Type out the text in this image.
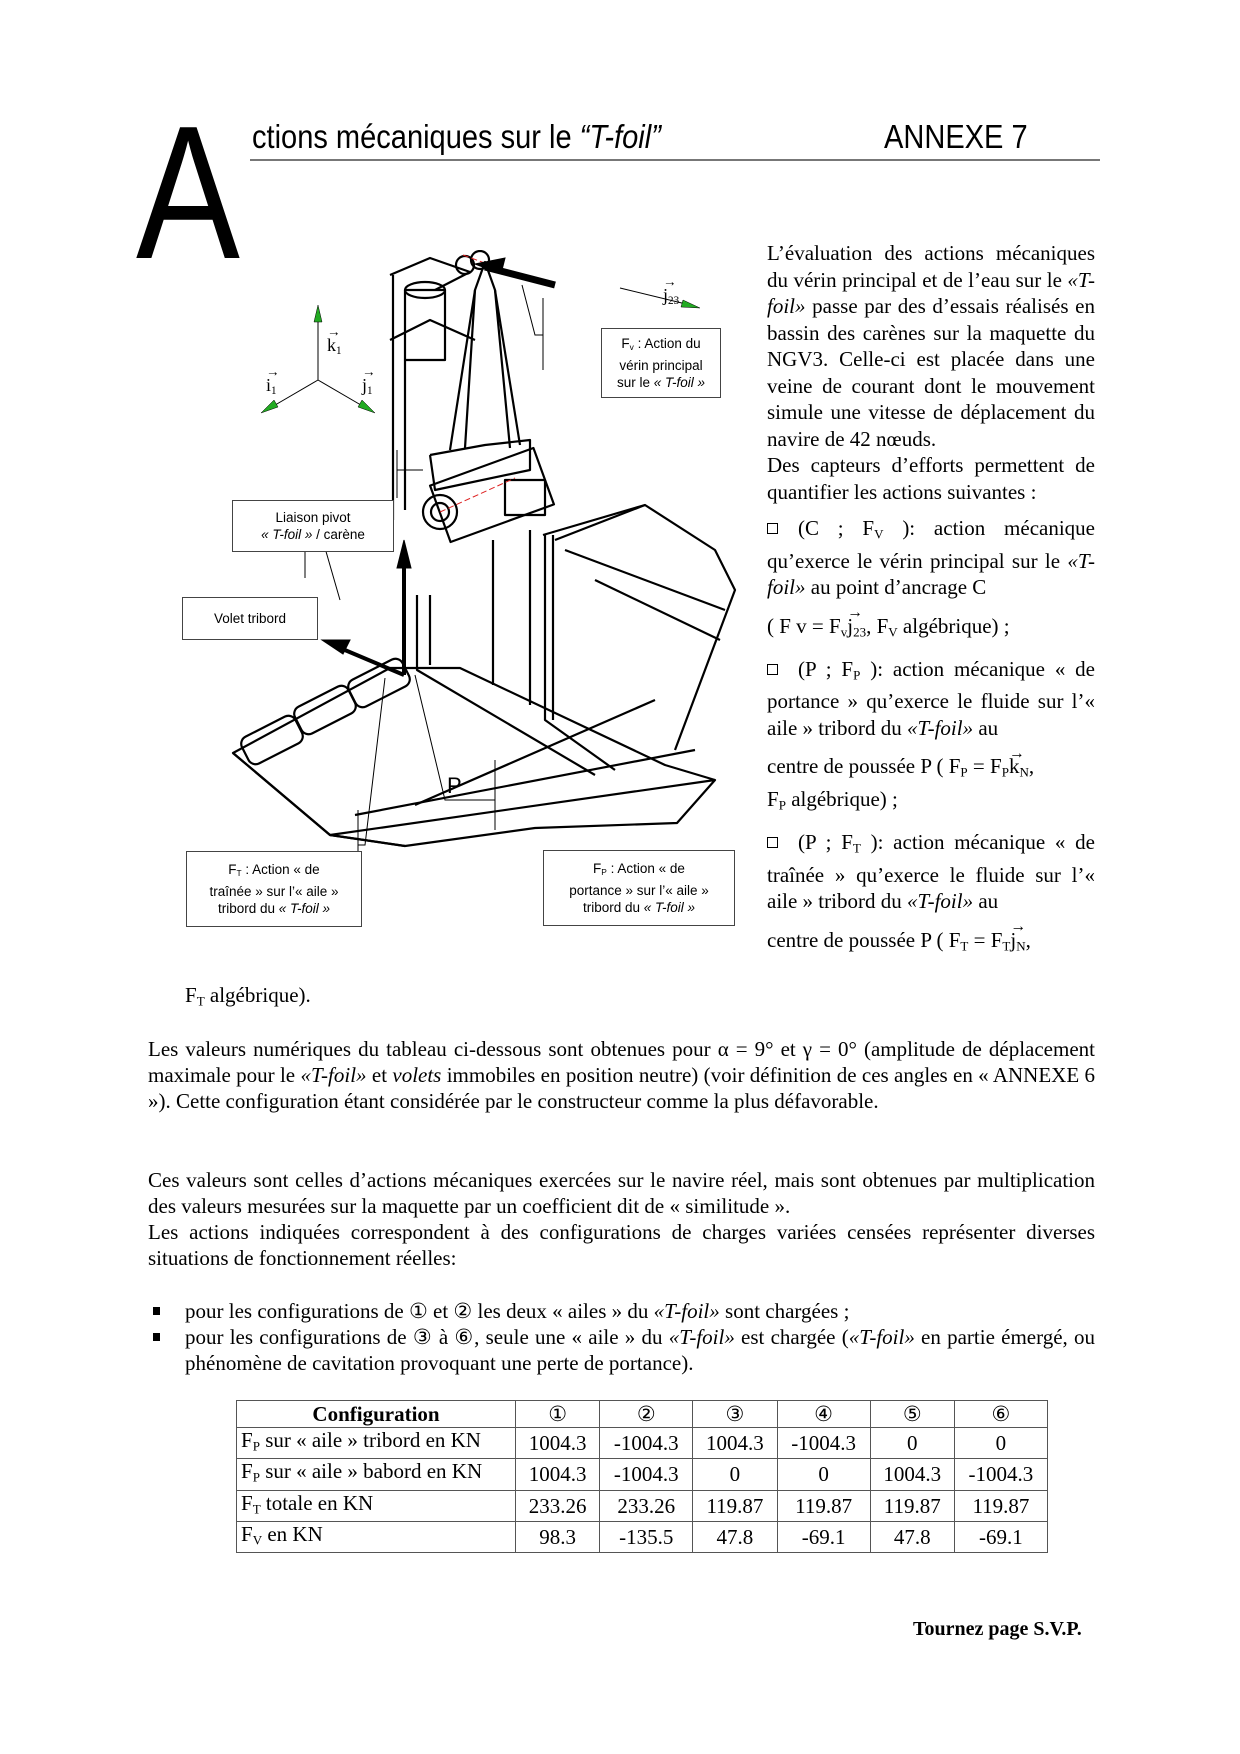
A ctions mécaniques sur le “T-foil”	ANNEXE 7
→ $k_1$
→ $i_1$	→ $j_1$
→ $j_{23}$
P
$F_v$ : Action du
vérin principal
sur le « T-foil »
Liaison pivot
« T-foil » / carène
Volet tribord
$F_T$ : Action « de
traînée » sur l’« aile »
tribord du « T-foil »
$F_P$ : Action « de
portance » sur l’« aile »
tribord du « T-foil »

L’évaluation des actions mécaniques du vérin principal et de l’eau sur le «T-foil» passe par des d’essais réalisés en bassin des carènes sur la maquette du NGV3. Celle-ci est placée dans une veine de courant dont le mouvement simule une vitesse de déplacement du navire de 42 nœuds.

Des capteurs d’efforts permettent de quantifier les actions suivantes :

(C ; $F_V$ ): action mécanique qu’exerce le vérin principal sur le «T-foil» au point d’ancrage C

( F $v = F_v\to j_{23}$, $F_V$ algébrique) ;

(P ; $F_P$ ): action mécanique « de portance » qu’exerce le fluide sur l’« aile » tribord du «T-foil» au

centre de poussée P ( $F_P = F_P\to k_N$,
$F_P$ algébrique) ;

(P ; $F_T$ ): action mécanique « de traînée » qu’exerce le fluide sur l’« aile » tribord du «T-foil» au

centre de poussée P ( $F_T = F_T\to j_N$,

$F_T$ algébrique).

Les valeurs numériques du tableau ci-dessous sont obtenues pour α = 9° et γ = 0° (amplitude de déplacement maximale pour le «T-foil» et volets immobiles en position neutre) (voir définition de ces angles en « ANNEXE 6 »). Cette configuration étant considérée par le constructeur comme la plus défavorable.

Ces valeurs sont celles d’actions mécaniques exercées sur le navire réel, mais sont obtenues par multiplication des valeurs mesurées sur la maquette par un coefficient dit de « similitude ».

Les actions indiquées correspondent à des configurations de charges variées censées représenter diverses situations de fonctionnement réelles:

pour les configurations de ① et ② les deux « ailes » du «T-foil» sont chargées ;
pour les configurations de ③ à ⑥, seule une « aile » du «T-foil» est chargée («T-foil» en partie émergé, ou phénomène de cavitation provoquant une perte de portance).
Configuration	①	②	③	④	⑤	⑥
$F_P$ sur « aile » tribord en KN	1004.3	-1004.3	1004.3	-1004.3	0	0
$F_P$ sur « aile » babord en KN	1004.3	-1004.3	0	0	1004.3	-1004.3
$F_T$ totale en KN	233.26	233.26	119.87	119.87	119.87	119.87
$F_V$ en KN	98.3	-135.5	47.8	-69.1	47.8	-69.1
Tournez page S.V.P.
